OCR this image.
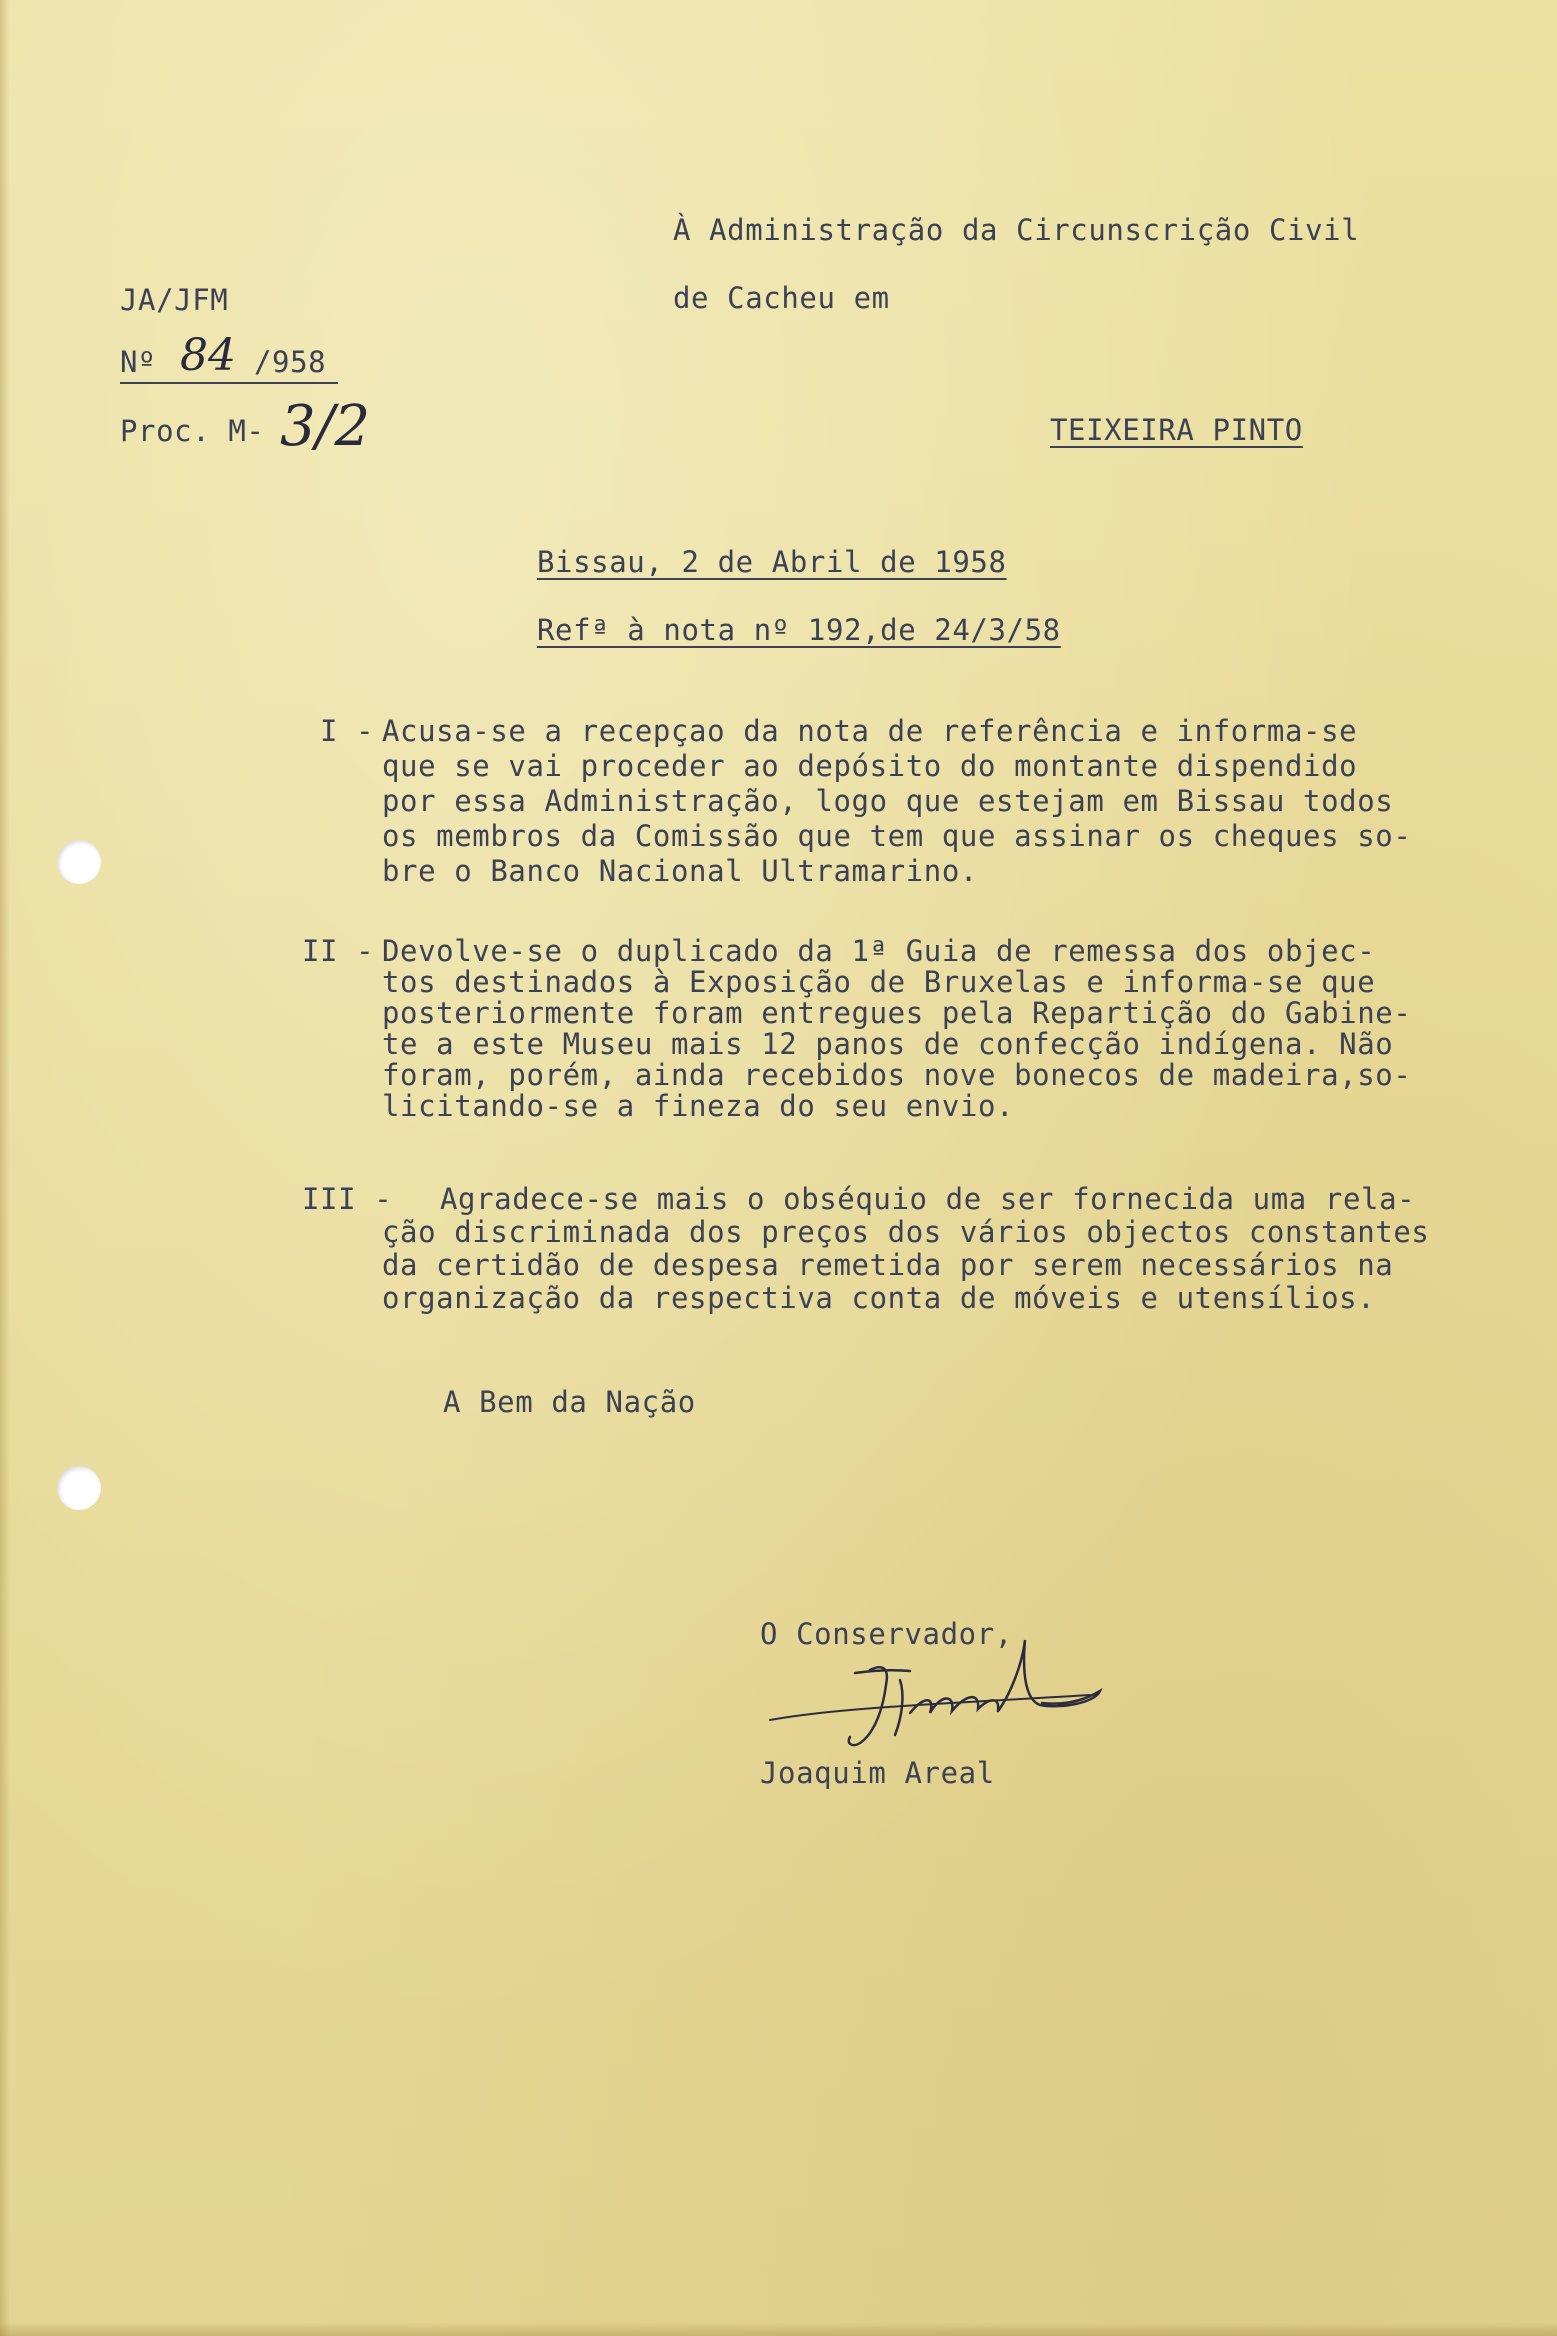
À Administração da Circunscrição Civil
de Cacheu em
TEIXEIRA PINTO
JA/JFM
Nº 84 /958
Proc. M- 3/2
Bissau, 2 de Abril de 1958
Refª à nota nº 192,de 24/3/58
I - Acusa-se a recepçao da nota de referência e informa-se
que se vai proceder ao depósito do montante dispendido
por essa Administração, logo que estejam em Bissau todos
os membros da Comissão que tem que assinar os cheques so-
bre o Banco Nacional Ultramarino.
II - Devolve-se o duplicado da 1ª Guia de remessa dos objec-
tos destinados à Exposição de Bruxelas e informa-se que
posteriormente foram entregues pela Repartição do Gabine-
te a este Museu mais 12 panos de confecção indígena. Não
foram, porém, ainda recebidos nove bonecos de madeira,so-
licitando-se a fineza do seu envio.
III - Agradece-se mais o obséquio de ser fornecida uma rela-
ção discriminada dos preços dos vários objectos constantes
da certidão de despesa remetida por serem necessários na
organização da respectiva conta de móveis e utensílios.
A Bem da Nação
O Conservador,
Joaquim Areal
